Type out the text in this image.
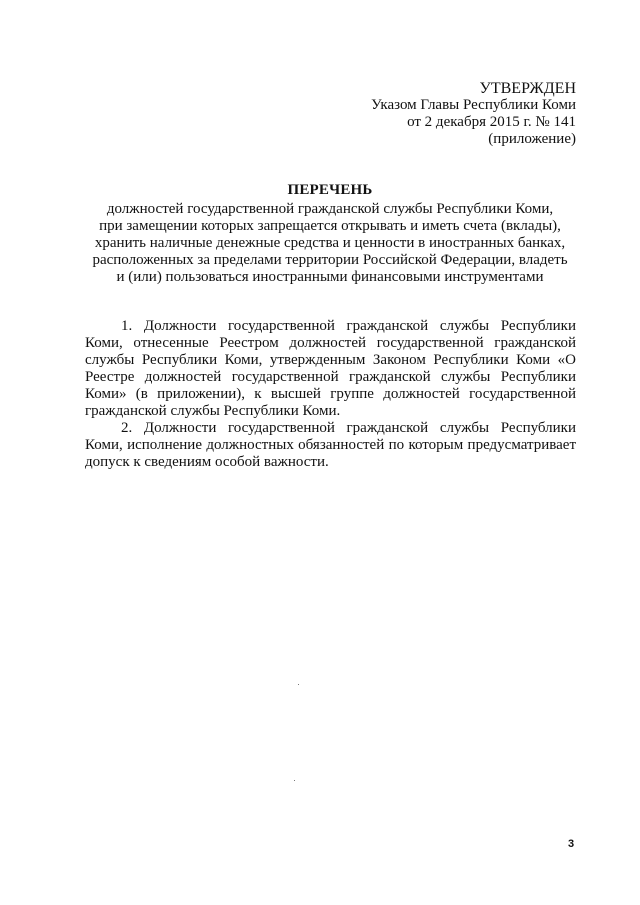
УТВЕРЖДЕН
Указом Главы Республики Коми
от 2 декабря 2015 г. № 141
(приложение)
ПЕРЕЧЕНЬ
должностей государственной гражданской службы Республики Коми,
при замещении которых запрещается открывать и иметь счета (вклады),
хранить наличные денежные средства и ценности в иностранных банках,
расположенных за пределами территории Российской Федерации, владеть
и (или) пользоваться иностранными финансовыми инструментами

1. Должности государственной гражданской службы Республики Коми, отнесенные Реестром должностей государственной гражданской службы Республики Коми, утвержденным Законом Республики Коми «О Реестре должностей государственной гражданской службы Республики Коми» (в приложении), к высшей группе должностей государственной гражданской службы Республики Коми.

2. Должности государственной гражданской службы Республики Коми, исполнение должностных обязанностей по которым предусматривает допуск к сведениям особой важности.

3
